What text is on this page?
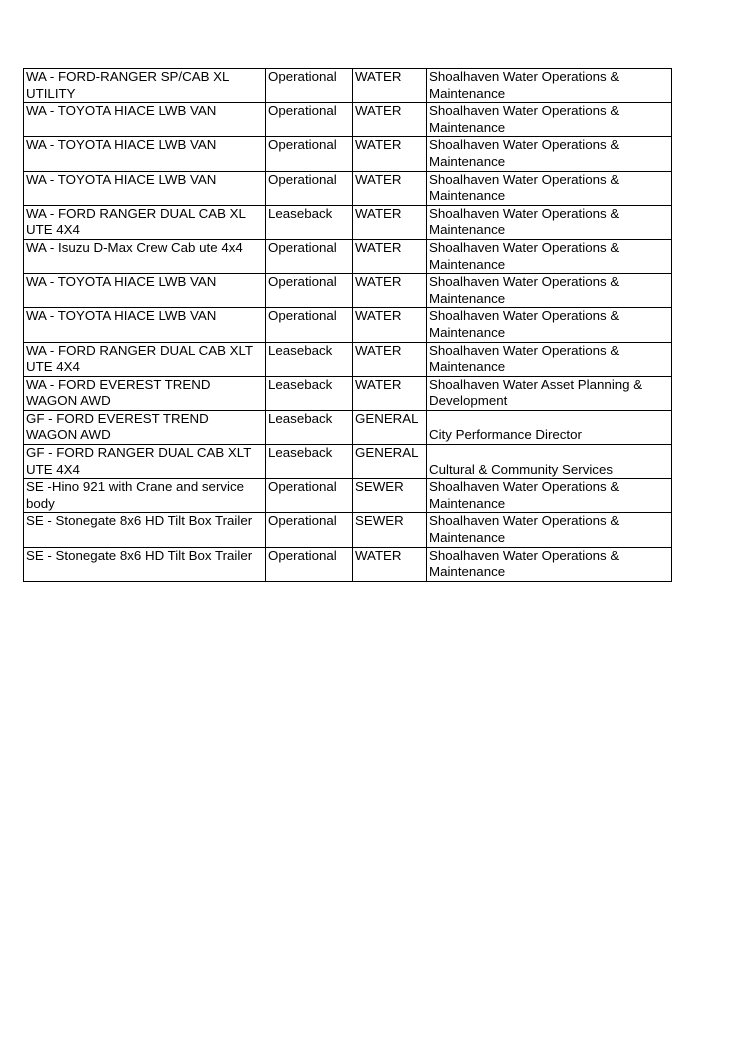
WA - FORD-RANGER SP/CAB XL UTILITY	Operational	WATER	Shoalhaven Water Operations & Maintenance
WA - TOYOTA HIACE LWB VAN	Operational	WATER	Shoalhaven Water Operations & Maintenance
WA - TOYOTA HIACE LWB VAN	Operational	WATER	Shoalhaven Water Operations & Maintenance
WA - TOYOTA HIACE LWB VAN	Operational	WATER	Shoalhaven Water Operations & Maintenance
WA - FORD RANGER DUAL CAB XL UTE 4X4	Leaseback	WATER	Shoalhaven Water Operations & Maintenance
WA - Isuzu D-Max Crew Cab ute 4x4	Operational	WATER	Shoalhaven Water Operations & Maintenance
WA - TOYOTA HIACE LWB VAN	Operational	WATER	Shoalhaven Water Operations & Maintenance
WA - TOYOTA HIACE LWB VAN	Operational	WATER	Shoalhaven Water Operations & Maintenance
WA - FORD RANGER DUAL CAB XLT UTE 4X4	Leaseback	WATER	Shoalhaven Water Operations & Maintenance
WA - FORD EVEREST TREND WAGON AWD	Leaseback	WATER	Shoalhaven Water Asset Planning & Development
GF - FORD EVEREST TREND WAGON AWD	Leaseback	GENERAL	City Performance Director
GF - FORD RANGER DUAL CAB XLT UTE 4X4	Leaseback	GENERAL	Cultural & Community Services
SE -Hino 921 with Crane and service body	Operational	SEWER	Shoalhaven Water Operations & Maintenance
SE - Stonegate 8x6 HD Tilt Box Trailer	Operational	SEWER	Shoalhaven Water Operations & Maintenance
SE - Stonegate 8x6 HD Tilt Box Trailer	Operational	WATER	Shoalhaven Water Operations & Maintenance
